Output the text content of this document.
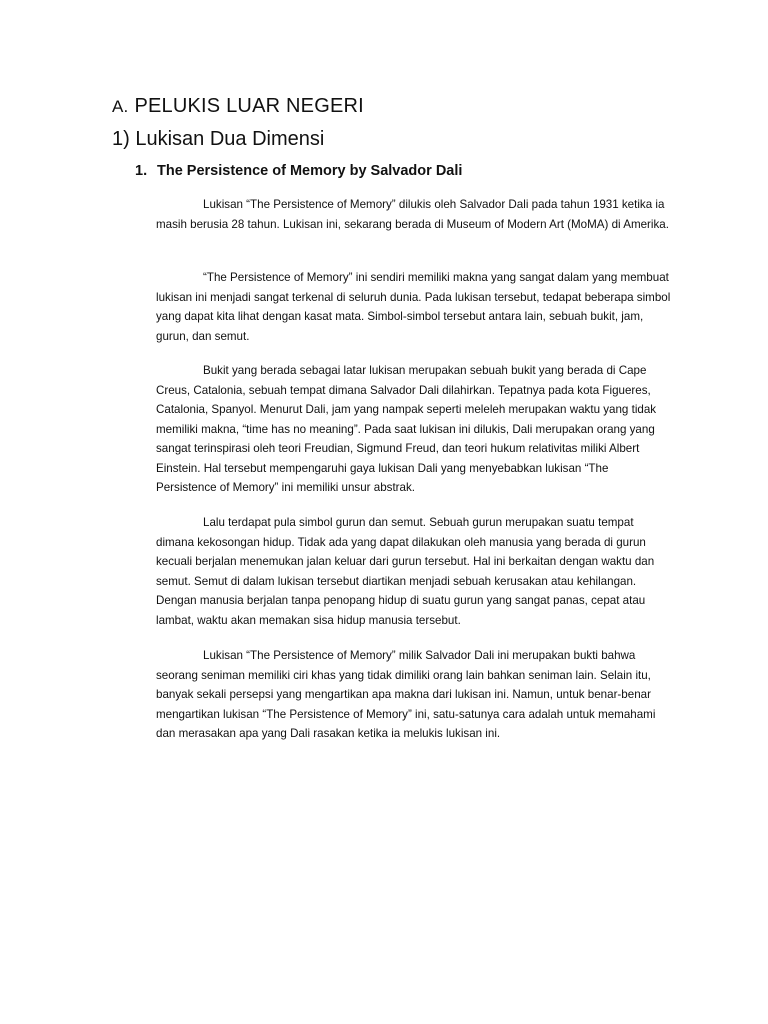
A. PELUKIS LUAR NEGERI
1) Lukisan Dua Dimensi
1. The Persistence of Memory by Salvador Dali

Lukisan “The Persistence of Memory” dilukis oleh Salvador Dali pada tahun 1931 ketika ia masih berusia 28 tahun. Lukisan ini, sekarang berada di Museum of Modern Art (MoMA) di Amerika.

“The Persistence of Memory” ini sendiri memiliki makna yang sangat dalam yang membuat lukisan ini menjadi sangat terkenal di seluruh dunia. Pada lukisan tersebut, tedapat beberapa simbol yang dapat kita lihat dengan kasat mata. Simbol-simbol tersebut antara lain, sebuah bukit, jam, gurun, dan semut.

Bukit yang berada sebagai latar lukisan merupakan sebuah bukit yang berada di Cape Creus, Catalonia, sebuah tempat dimana Salvador Dali dilahirkan. Tepatnya pada kota Figueres, Catalonia, Spanyol. Menurut Dali, jam yang nampak seperti meleleh merupakan waktu yang tidak memiliki makna, “time has no meaning”. Pada saat lukisan ini dilukis, Dali merupakan orang yang sangat terinspirasi oleh teori Freudian, Sigmund Freud, dan teori hukum relativitas miliki Albert Einstein. Hal tersebut mempengaruhi gaya lukisan Dali yang menyebabkan lukisan “The Persistence of Memory” ini memiliki unsur abstrak.

Lalu terdapat pula simbol gurun dan semut. Sebuah gurun merupakan suatu tempat dimana kekosongan hidup. Tidak ada yang dapat dilakukan oleh manusia yang berada di gurun kecuali berjalan menemukan jalan keluar dari gurun tersebut. Hal ini berkaitan dengan waktu dan semut. Semut di dalam lukisan tersebut diartikan menjadi sebuah kerusakan atau kehilangan. Dengan manusia berjalan tanpa penopang hidup di suatu gurun yang sangat panas, cepat atau lambat, waktu akan memakan sisa hidup manusia tersebut.

Lukisan “The Persistence of Memory” milik Salvador Dali ini merupakan bukti bahwa seorang seniman memiliki ciri khas yang tidak dimiliki orang lain bahkan seniman lain. Selain itu, banyak sekali persepsi yang mengartikan apa makna dari lukisan ini. Namun, untuk benar-benar mengartikan lukisan “The Persistence of Memory” ini, satu-satunya cara adalah untuk memahami dan merasakan apa yang Dali rasakan ketika ia melukis lukisan ini.
